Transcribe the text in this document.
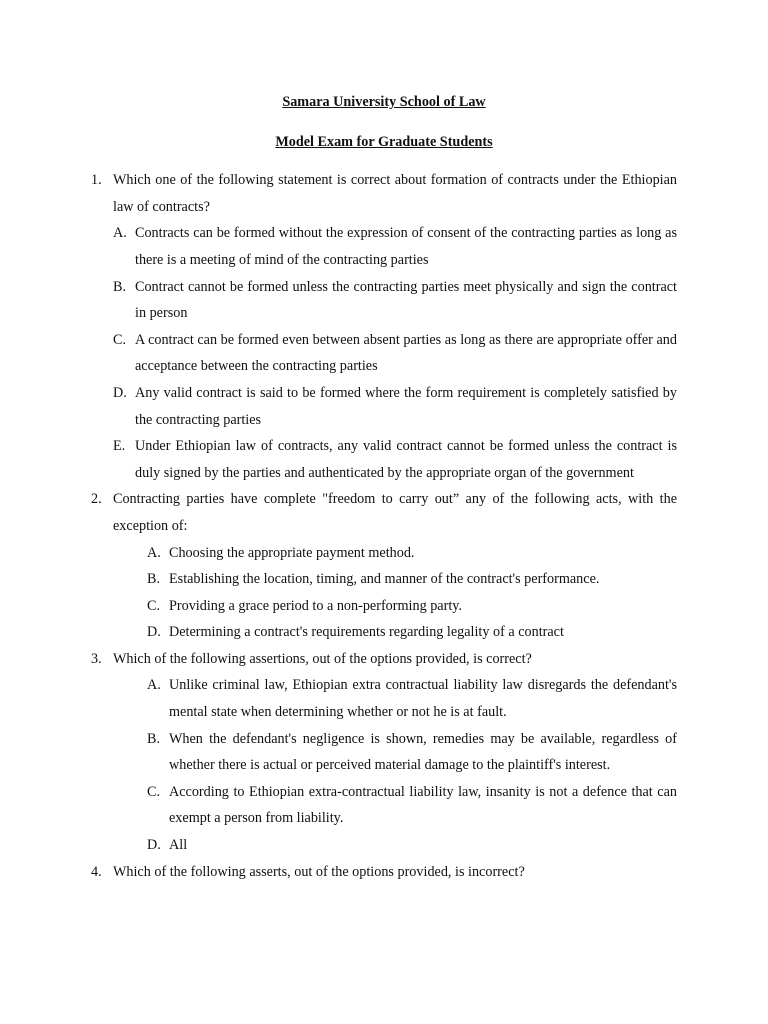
Samara University School of Law

Model Exam for Graduate Students

1. Which one of the following statement is correct about formation of contracts under the Ethiopian law of contracts?
A. Contracts can be formed without the expression of consent of the contracting parties as long as there is a meeting of mind of the contracting parties
B. Contract cannot be formed unless the contracting parties meet physically and sign the contract in person
C. A contract can be formed even between absent parties as long as there are appropriate offer and acceptance between the contracting parties
D. Any valid contract is said to be formed where the form requirement is completely satisfied by the contracting parties
E. Under Ethiopian law of contracts, any valid contract cannot be formed unless the contract is duly signed by the parties and authenticated by the appropriate organ of the government
2. Contracting parties have complete "freedom to carry out” any of the following acts, with the exception of:
A. Choosing the appropriate payment method.
B. Establishing the location, timing, and manner of the contract's performance.
C. Providing a grace period to a non-performing party.
D. Determining a contract's requirements regarding legality of a contract
3. Which of the following assertions, out of the options provided, is correct?
A. Unlike criminal law, Ethiopian extra contractual liability law disregards the defendant's mental state when determining whether or not he is at fault.
B. When the defendant's negligence is shown, remedies may be available, regardless of whether there is actual or perceived material damage to the plaintiff's interest.
C. According to Ethiopian extra-contractual liability law, insanity is not a defence that can exempt a person from liability.
D. All
4. Which of the following asserts, out of the options provided, is incorrect?
